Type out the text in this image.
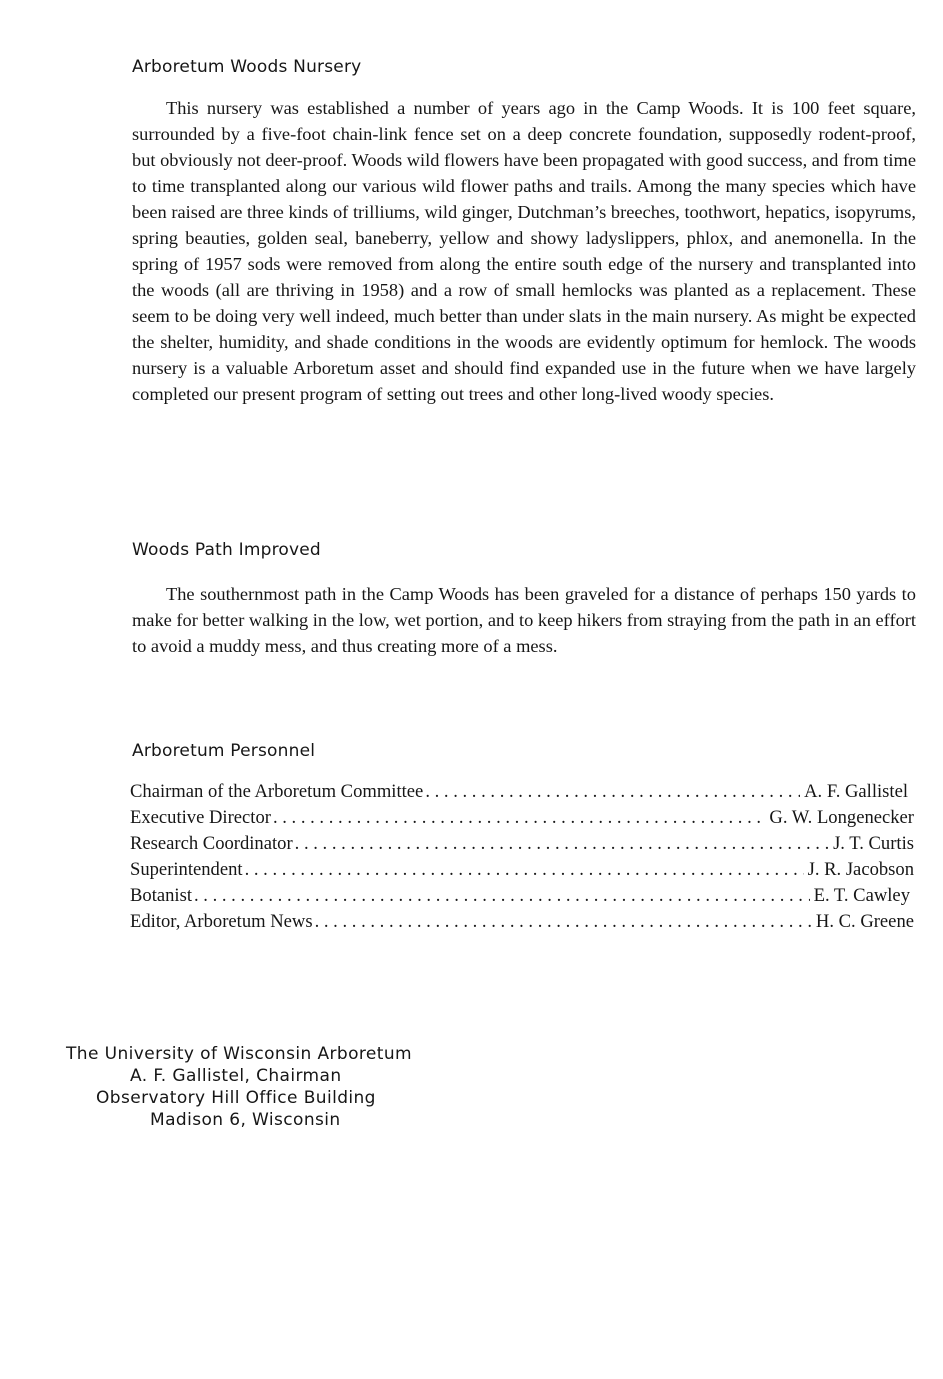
Arboretum Woods Nursery

This nursery was established a number of years ago in the Camp Woods. It is 100 feet square, surrounded by a five-foot chain-link fence set on a deep concrete foundation, supposedly rodent-proof, but obviously not deer-proof. Woods wild flowers have been propagated with good success, and from time to time transplanted along our various wild flower paths and trails. Among the many species which have been raised are three kinds of trilliums, wild ginger, Dutchman’s breeches, toothwort, hepatics, isopyrums, spring beauties, golden seal, baneberry, yellow and showy ladyslippers, phlox, and anemonella. In the spring of 1957 sods were removed from along the entire south edge of the nursery and transplanted into the woods (all are thriving in 1958) and a row of small hemlocks was planted as a replacement. These seem to be doing very well indeed, much better than under slats in the main nursery. As might be expected the shelter, humidity, and shade conditions in the woods are evidently optimum for hemlock. The woods nursery is a valuable Arboretum asset and should find expanded use in the future when we have largely completed our present program of setting out trees and other long-lived woody species.

Woods Path Improved

The southernmost path in the Camp Woods has been graveled for a distance of perhaps 150 yards to make for better walking in the low, wet portion, and to keep hikers from straying from the path in an effort to avoid a muddy mess, and thus creating more of a mess.

Arboretum Personnel
Chairman of the Arboretum Committee . . .	A. F. Gallistel
Executive Director . . .	G. W. Longenecker
Research Coordinator . . .	J. T. Curtis
Superintendent . . .	J. R. Jacobson
Botanist . . .	E. T. Cawley
Editor, Arboretum News . . .	H. C. Greene
The University of Wisconsin Arboretum
A. F. Gallistel, Chairman
Observatory Hill Office Building
Madison 6, Wisconsin
